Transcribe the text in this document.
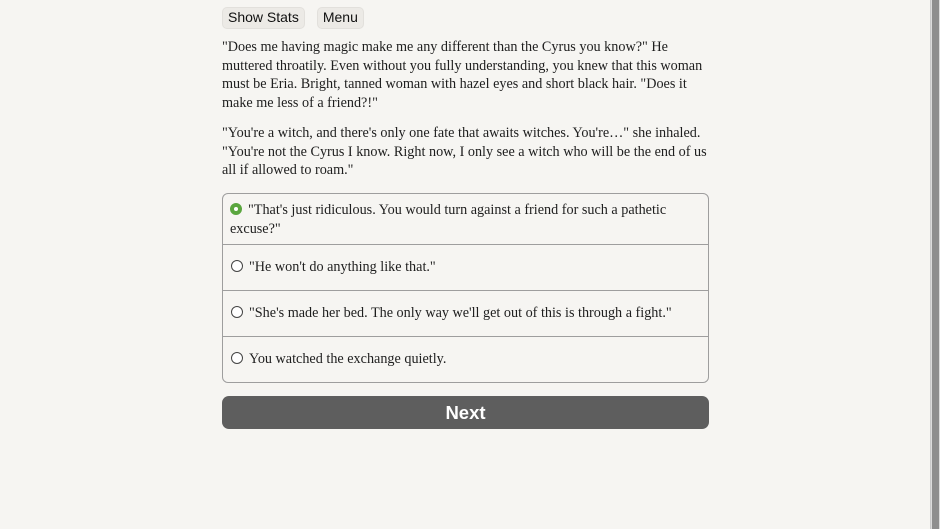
Show Stats	Menu

"Does me having magic make me any different than the Cyrus you know?" He muttered throatily. Even without you fully understanding, you knew that this woman must be Eria. Bright, tanned woman with hazel eyes and short black hair. "Does it make me less of a friend?!"

"You're a witch, and there's only one fate that awaits witches. You're…" she inhaled. "You're not the Cyrus I know. Right now, I only see a witch who will be the end of us all if allowed to roam."

"That's just ridiculous. You would turn against a friend for such a pathetic excuse?"
"He won't do anything like that."
"She's made her bed. The only way we'll get out of this is through a fight."
You watched the exchange quietly.
Next
